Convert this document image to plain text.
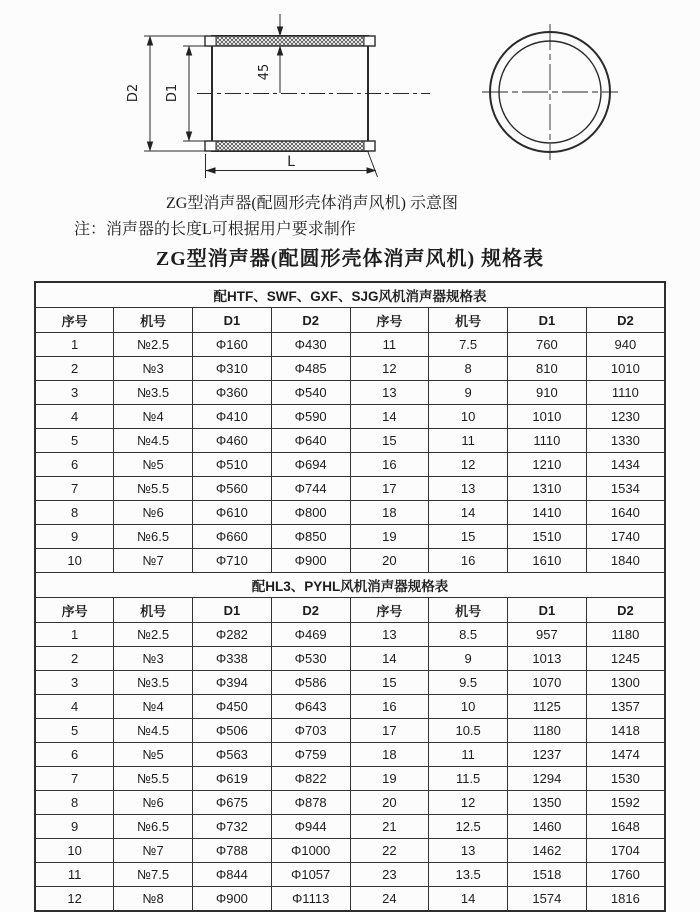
D2 D1
45
L
ZG型消声器(配圆形壳体消声风机) 示意图
注：消声器的长度L可根据用户要求制作
ZG型消声器(配圆形壳体消声风机) 规格表
配HTF、SWF、GXF、SJG风机消声器规格表							
序号	机号	D1	D2	序号	机号	D1	D2
1	№2.5	Φ160	Φ430	11	7.5	760	940
2	№3	Φ310	Φ485	12	8	810	1010
3	№3.5	Φ360	Φ540	13	9	910	1110
4	№4	Φ410	Φ590	14	10	1010	1230
5	№4.5	Φ460	Φ640	15	11	1110	1330
6	№5	Φ510	Φ694	16	12	1210	1434
7	№5.5	Φ560	Φ744	17	13	1310	1534
8	№6	Φ610	Φ800	18	14	1410	1640
9	№6.5	Φ660	Φ850	19	15	1510	1740
10	№7	Φ710	Φ900	20	16	1610	1840
配HL3、PYHL风机消声器规格表							
序号	机号	D1	D2	序号	机号	D1	D2
1	№2.5	Φ282	Φ469	13	8.5	957	1180
2	№3	Φ338	Φ530	14	9	1013	1245
3	№3.5	Φ394	Φ586	15	9.5	1070	1300
4	№4	Φ450	Φ643	16	10	1125	1357
5	№4.5	Φ506	Φ703	17	10.5	1180	1418
6	№5	Φ563	Φ759	18	11	1237	1474
7	№5.5	Φ619	Φ822	19	11.5	1294	1530
8	№6	Φ675	Φ878	20	12	1350	1592
9	№6.5	Φ732	Φ944	21	12.5	1460	1648
10	№7	Φ788	Φ1000	22	13	1462	1704
11	№7.5	Φ844	Φ1057	23	13.5	1518	1760
12	№8	Φ900	Φ1113	24	14	1574	1816
